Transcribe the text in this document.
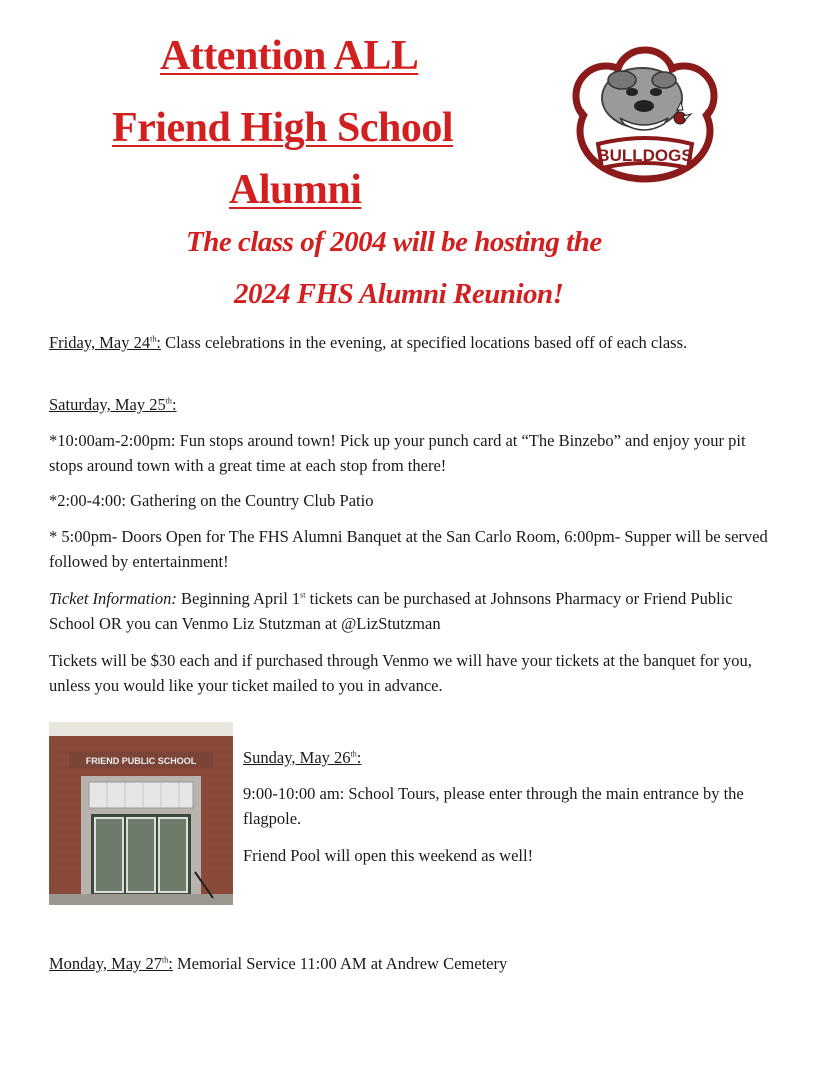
Attention ALL
Friend High School
Alumni
BULLDOGS
The class of 2004 will be hosting the
2024 FHS Alumni Reunion!
Friday, May 24th: Class celebrations in the evening, at specified locations based off of each class.
Saturday, May 25th:
*10:00am-2:00pm: Fun stops around town! Pick up your punch card at “The Binzebo” and enjoy your pit stops around town with a great time at each stop from there!
*2:00-4:00: Gathering on the Country Club Patio
* 5:00pm- Doors Open for The FHS Alumni Banquet at the San Carlo Room, 6:00pm- Supper will be served followed by entertainment!
Ticket Information: Beginning April 1st tickets can be purchased at Johnsons Pharmacy or Friend Public School OR you can Venmo Liz Stutzman at @LizStutzman
Tickets will be $30 each and if purchased through Venmo we will have your tickets at the banquet for you, unless you would like your ticket mailed to you in advance.
FRIEND PUBLIC SCHOOL	Sunday, May 26th:
9:00-10:00 am: School Tours, please enter through the main entrance by the flagpole.
Friend Pool will open this weekend as well!
Monday, May 27th: Memorial Service 11:00 AM at Andrew Cemetery
